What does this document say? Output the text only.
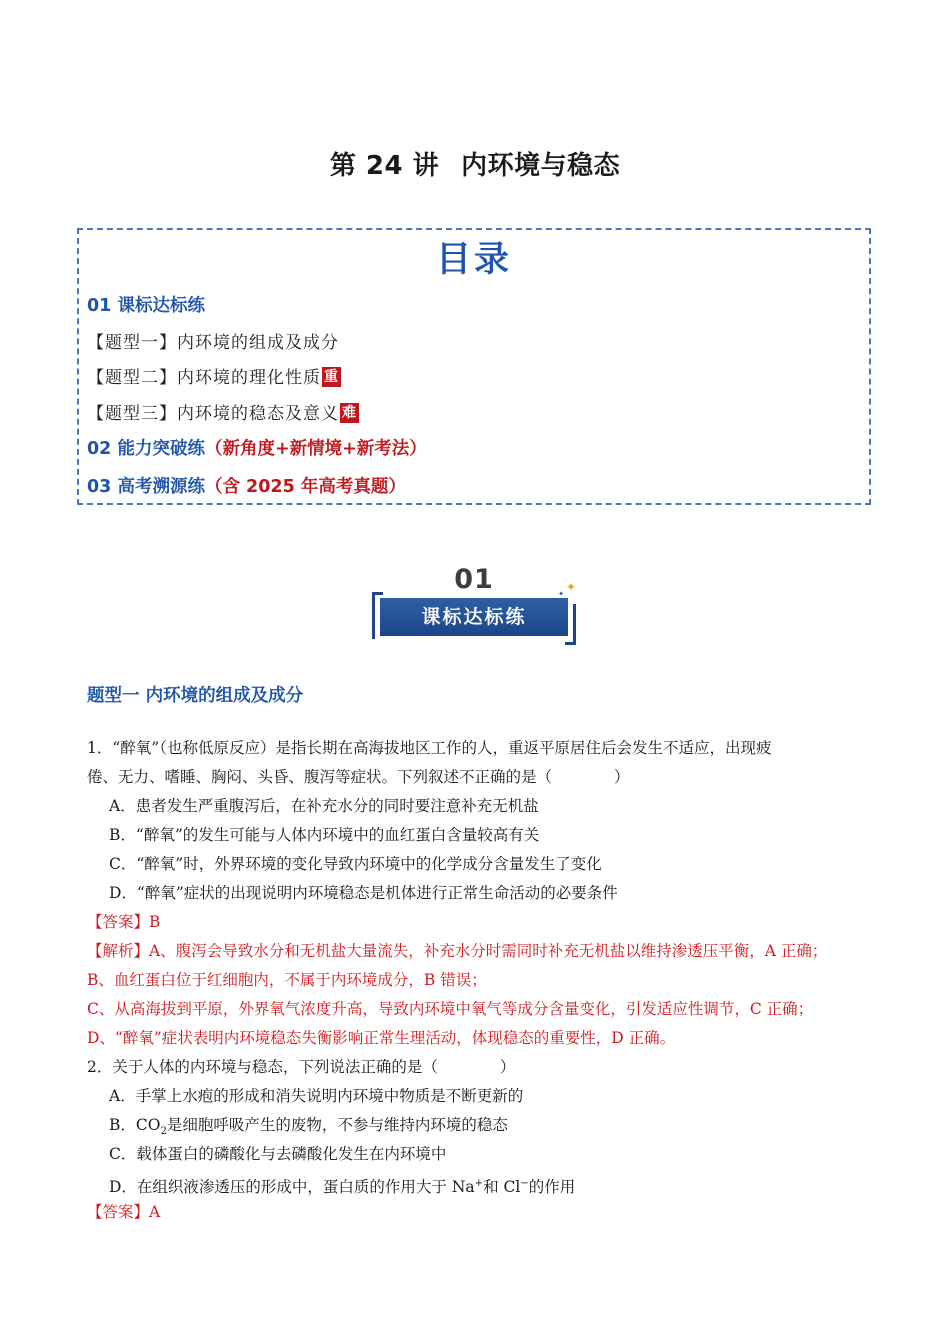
第 24 讲 内环境与稳态
目录
01 课标达标练
【题型一】内环境的组成及成分
【题型二】内环境的理化性质 重
【题型三】内环境的稳态及意义 难
02 能力突破练（新角度+新情境+新考法）
03 高考溯源练（含 2025 年高考真题）
01
课标达标练
✦
✦
题型一 内环境的组成及成分
1．“醉氧”（也称低原反应）是指长期在高海拔地区工作的人，重返平原居住后会发生不适应，出现疲
倦、无力、嗜睡、胸闷、头昏、腹泻等症状。下列叙述不正确的是（　　　　）
A．患者发生严重腹泻后，在补充水分的同时要注意补充无机盐
B．“醉氧”的发生可能与人体内环境中的血红蛋白含量较高有关
C．“醉氧”时，外界环境的变化导致内环境中的化学成分含量发生了变化
D．“醉氧”症状的出现说明内环境稳态是机体进行正常生命活动的必要条件
【答案】B
【解析】A、腹泻会导致水分和无机盐大量流失，补充水分时需同时补充无机盐以维持渗透压平衡，A 正确；
B、血红蛋白位于红细胞内，不属于内环境成分，B 错误；
C、从高海拔到平原，外界氧气浓度升高，导致内环境中氧气等成分含量变化，引发适应性调节，C 正确；
D、“醉氧”症状表明内环境稳态失衡影响正常生理活动，体现稳态的重要性，D 正确。
2．关于人体的内环境与稳态，下列说法正确的是（　　　　）
A．手掌上水疱的形成和消失说明内环境中物质是不断更新的
B．$CO_2$是细胞呼吸产生的废物，不参与维持内环境的稳态
C．载体蛋白的磷酸化与去磷酸化发生在内环境中
D．在组织液渗透压的形成中，蛋白质的作用大于 Na+和 Cl−的作用
【答案】A
